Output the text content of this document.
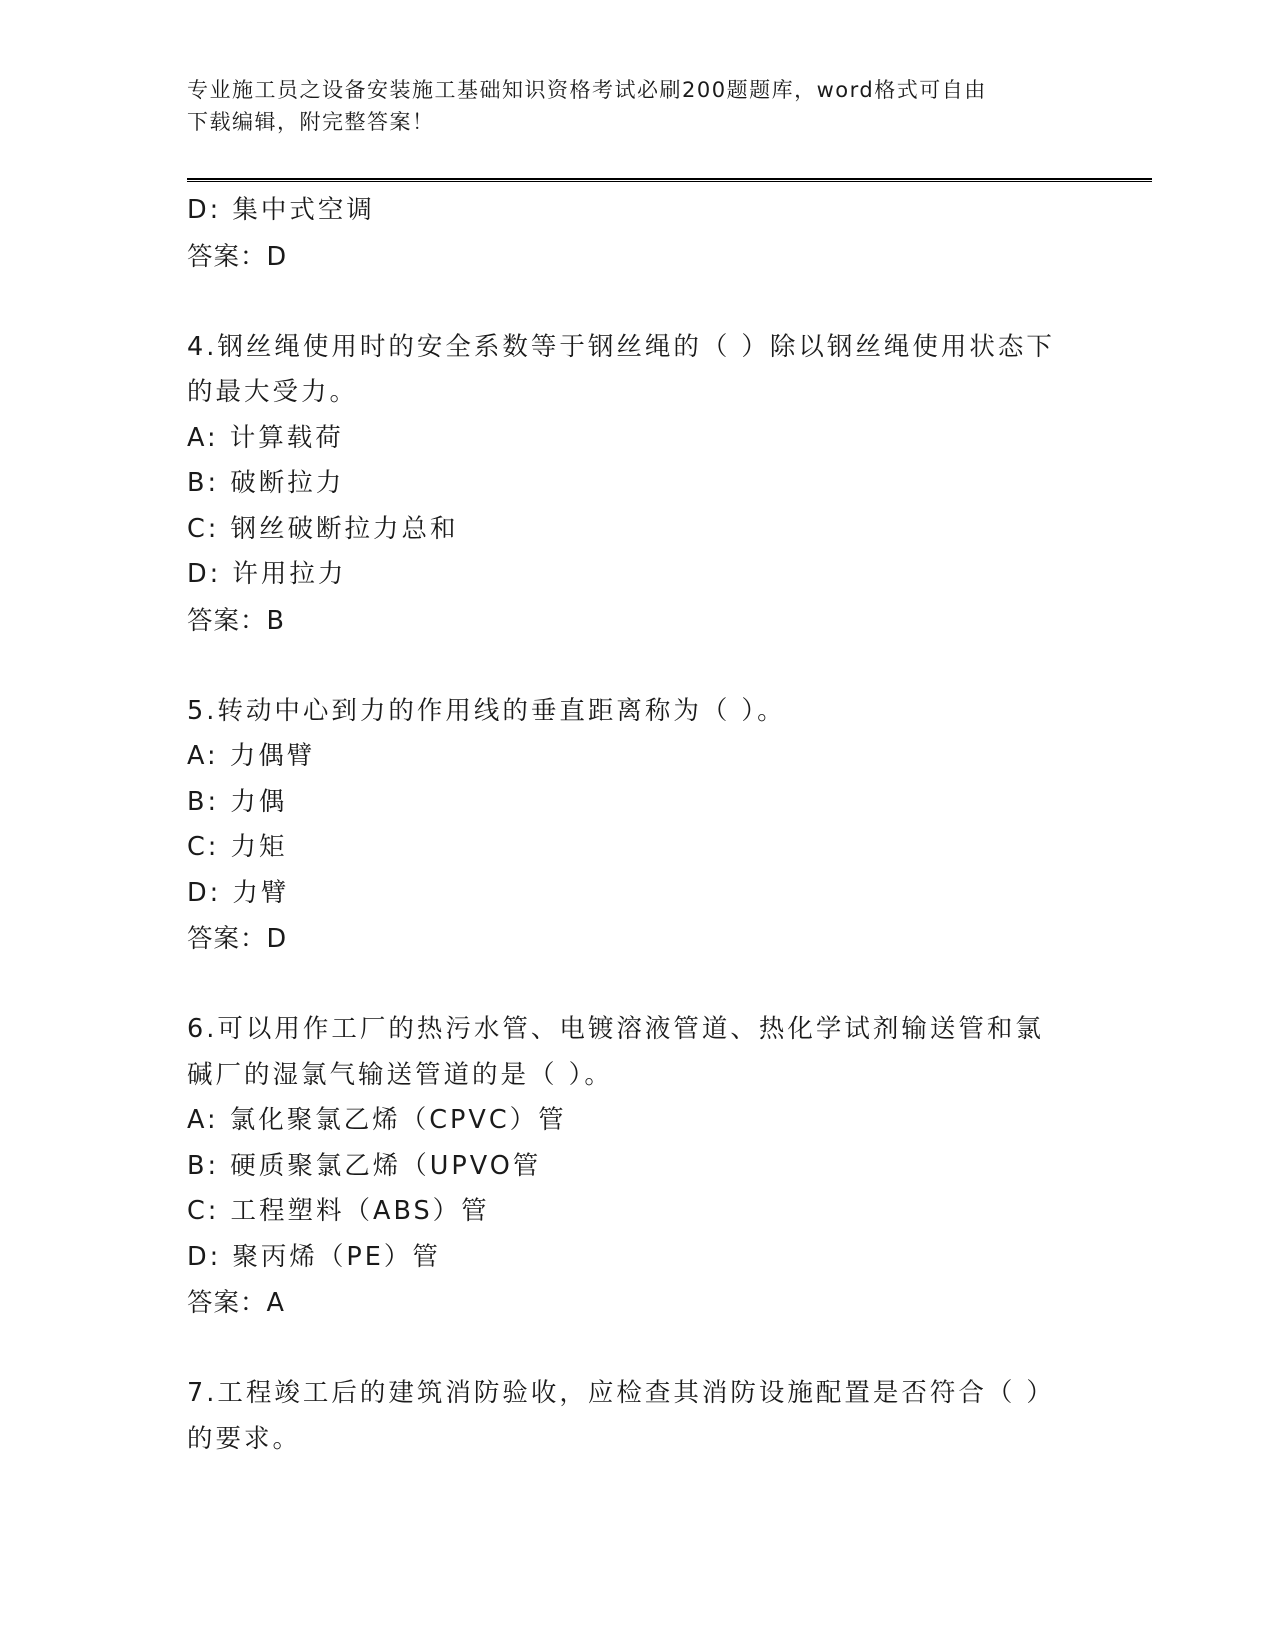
专业施工员之设备安装施工基础知识资格考试必刷200题题库，word格式可自由
下载编辑，附完整答案！
D: 集中式空调
答案：D
4.钢丝绳使用时的安全系数等于钢丝绳的（ ）除以钢丝绳使用状态下
的最大受力。
A: 计算载荷
B: 破断拉力
C: 钢丝破断拉力总和
D: 许用拉力
答案：B
5.转动中心到力的作用线的垂直距离称为（ ）。
A: 力偶臂
B: 力偶
C: 力矩
D: 力臂
答案：D
6.可以用作工厂的热污水管、电镀溶液管道、热化学试剂输送管和氯
碱厂的湿氯气输送管道的是（ ）。
A: 氯化聚氯乙烯（CPVC）管
B: 硬质聚氯乙烯（UPVO管
C: 工程塑料（ABS）管
D: 聚丙烯（PE）管
答案：A
7.工程竣工后的建筑消防验收，应检查其消防设施配置是否符合（ ）
的要求。
